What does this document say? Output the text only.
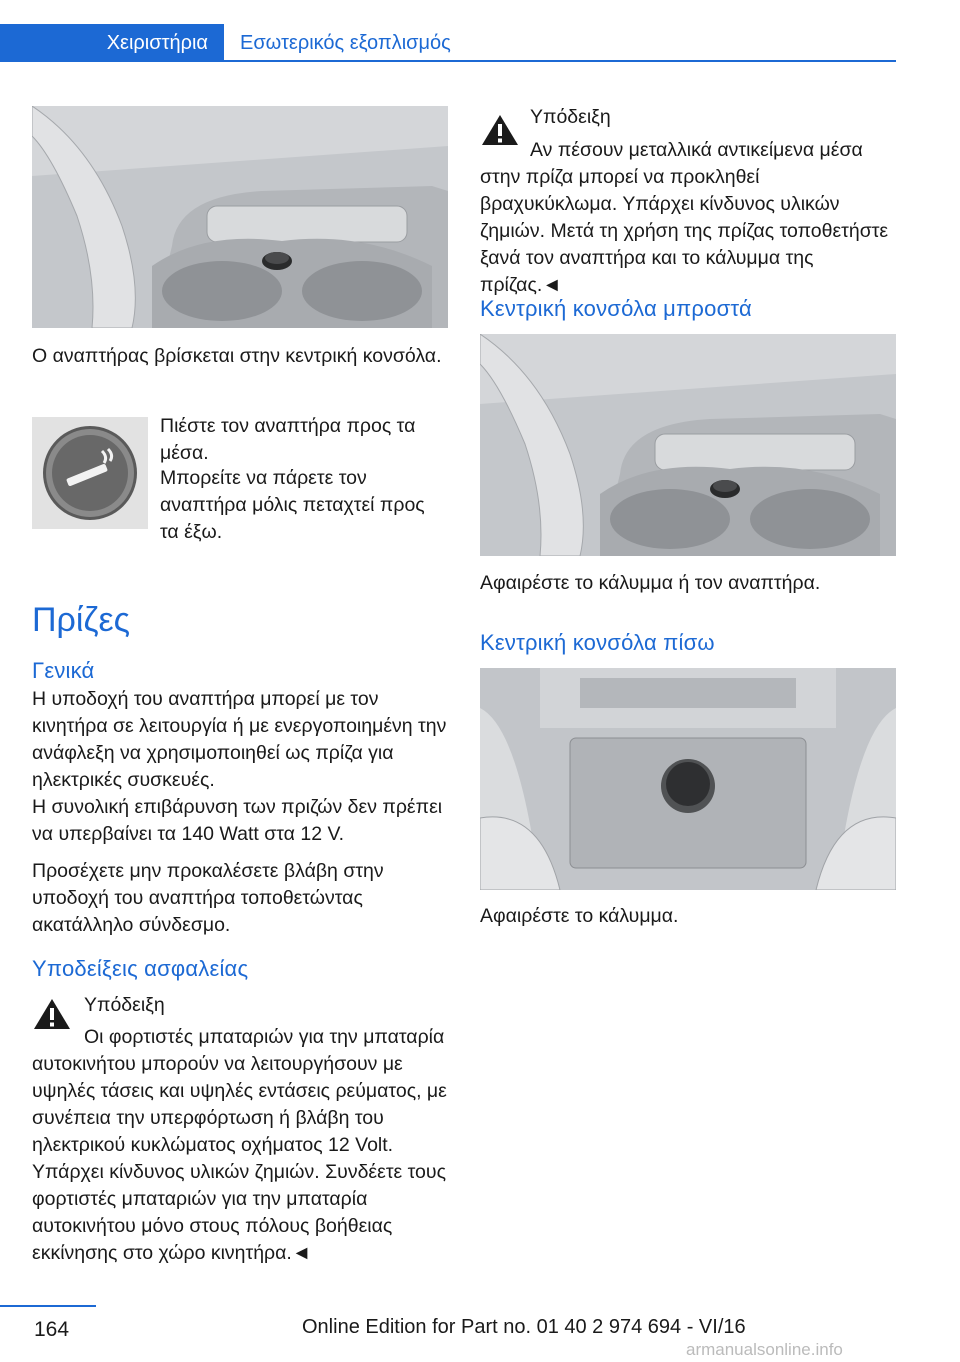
Χειριστήρια	Εσωτερικός εξοπλισμός

Ο αναπτήρας βρίσκεται στην κεντρική κονσόλα.

Πιέστε τον αναπτήρα προς τα μέσα.

Μπορείτε να πάρετε τον αναπτήρα μόλις πεταχτεί προς τα έξω.

Πρίζες
Γενικά

Η υποδοχή του αναπτήρα μπορεί με τον κινητήρα σε λειτουργία ή με ενεργοποιημένη την ανάφλεξη να χρησιμοποιηθεί ως πρίζα για ηλεκτρικές συσκευές.

Η συνολική επιβάρυνση των πριζών δεν πρέπει να υπερβαίνει τα 140 Watt στα 12 V.

Προσέχετε μην προκαλέσετε βλάβη στην υποδοχή του αναπτήρα τοποθετώντας ακατάλληλο σύνδεσμο.

Υποδείξεις ασφαλείας

Υπόδειξη

Οι φορτιστές μπαταριών για την μπαταρία αυτοκινήτου μπορούν να λειτουργήσουν με υψηλές τάσεις και υψηλές εντάσεις ρεύματος, με συνέπεια την υπερφόρτωση ή βλάβη του ηλεκτρικού κυκλώματος οχήματος 12 Volt. Υπάρχει κίνδυνος υλικών ζημιών. Συνδέετε τους φορτιστές μπαταριών για την μπαταρία αυτοκινήτου μόνο στους πόλους βοήθειας εκκίνησης στο χώρο κινητήρα.◄

Υπόδειξη

Αν πέσουν μεταλλικά αντικείμενα μέσα στην πρίζα μπορεί να προκληθεί βραχυκύκλωμα. Υπάρχει κίνδυνος υλικών ζημιών. Μετά τη χρήση της πρίζας τοποθετήστε ξανά τον αναπτήρα και το κάλυμμα της πρίζας.◄

Κεντρική κονσόλα μπροστά

Αφαιρέστε το κάλυμμα ή τον αναπτήρα.

Κεντρική κονσόλα πίσω

Αφαιρέστε το κάλυμμα.

164	Online Edition for Part no. 01 40 2 974 694 - VI/16
armanualsonline.info
